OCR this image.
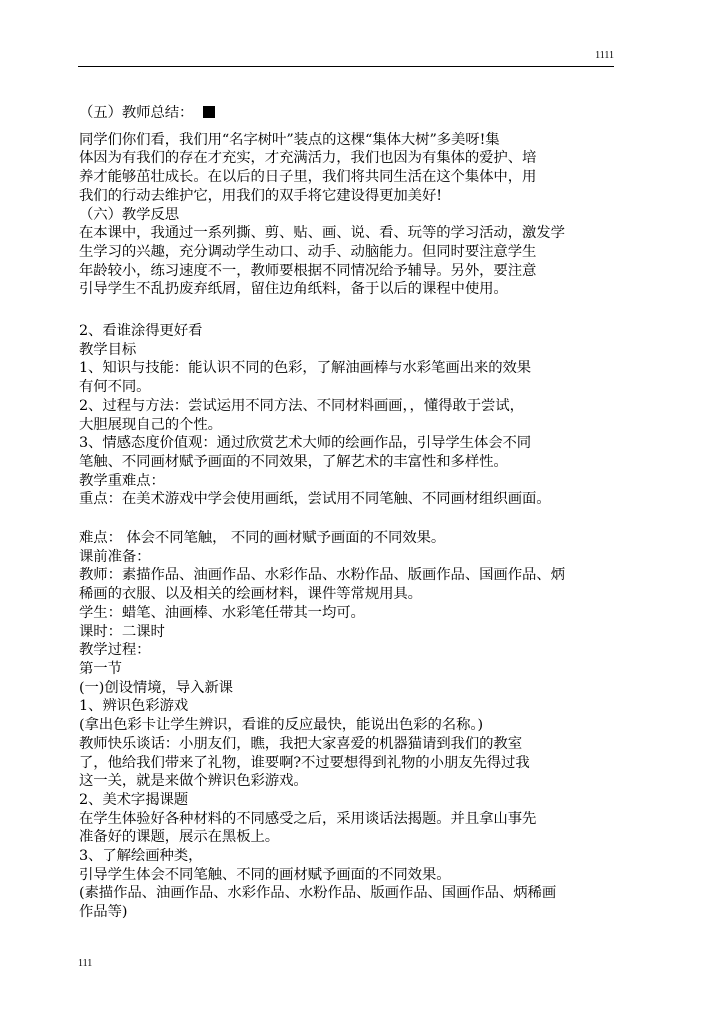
1111
（五）教师总结：
同学们你们看，我们用“名字树叶”装点的这棵“集体大树”多美呀!集
体因为有我们的存在才充实，才充满活力，我们也因为有集体的爱护、培
养才能够茁壮成长。在以后的日子里，我们将共同生活在这个集体中，用
我们的行动去维护它，用我们的双手将它建设得更加美好!
（六）教学反思
在本课中，我通过一系列撕、剪、贴、画、说、看、玩等的学习活动，激发学
生学习的兴趣，充分调动学生动口、动手、动脑能力。但同时要注意学生
年龄较小，练习速度不一，教师要根据不同情况给予辅导。另外，要注意
引导学生不乱扔废弃纸屑，留住边角纸料，备于以后的课程中使用。
2、看谁涂得更好看
教学目标
1、知识与技能：能认识不同的色彩，了解油画棒与水彩笔画出来的效果
有何不同。
2、过程与方法：尝试运用不同方法、不同材料画画，，懂得敢于尝试，
大胆展现自己的个性。
3、情感态度价值观：通过欣赏艺术大师的绘画作品，引导学生体会不同
笔触、不同画材赋予画面的不同效果，了解艺术的丰富性和多样性。
教学重难点：
重点：在美术游戏中学会使用画纸，尝试用不同笔触、不同画材组织画面。
难点： 体会不同笔触， 不同的画材赋予画面的不同效果。
课前准备：
教师：素描作品、油画作品、水彩作品、水粉作品、版画作品、国画作品、炳
稀画的衣服、以及相关的绘画材料，课件等常规用具。
学生：蜡笔、油画棒、水彩笔任带其一均可。
课时：二课时
教学过程：
第一节
(一)创设情境，导入新课
1、辨识色彩游戏
(拿出色彩卡让学生辨识，看谁的反应最快，能说出色彩的名称。)
教师快乐谈话：小朋友们，瞧，我把大家喜爱的机器猫请到我们的教室
了，他给我们带来了礼物，谁要啊?不过要想得到礼物的小朋友先得过我
这一关，就是来做个辨识色彩游戏。
2、美术字揭课题
在学生体验好各种材料的不同感受之后，采用谈话法揭题。并且拿山事先
准备好的课题，展示在黑板上。
3、了解绘画种类，
引导学生体会不同笔触、不同的画材赋予画面的不同效果。
(素描作品、油画作品、水彩作品、水粉作品、版画作品、国画作品、炳稀画
作品等)
111
